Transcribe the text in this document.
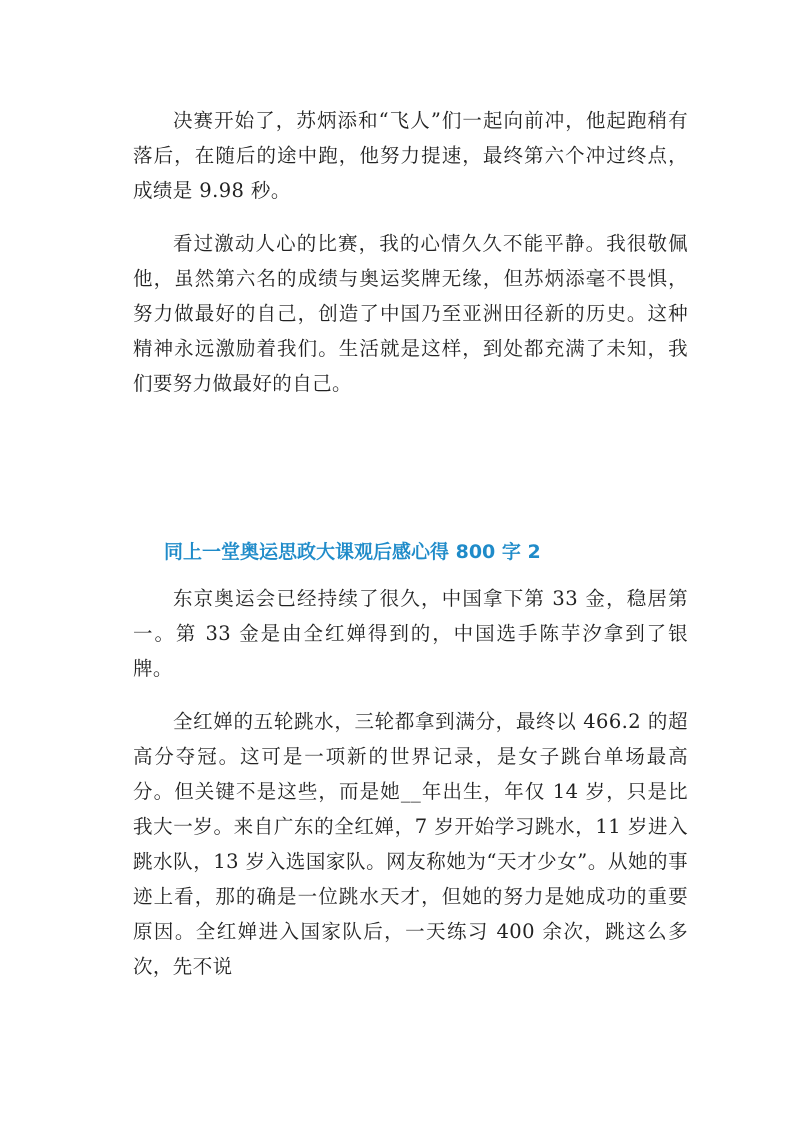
决赛开始了，苏炳添和“飞人”们一起向前冲，他起跑稍有落后，在随后的途中跑，他努力提速，最终第六个冲过终点，成绩是 9.98 秒。

看过激动人心的比赛，我的心情久久不能平静。我很敬佩他，虽然第六名的成绩与奥运奖牌无缘，但苏炳添毫不畏惧，努力做最好的自己，创造了中国乃至亚洲田径新的历史。这种精神永远激励着我们。生活就是这样，到处都充满了未知，我们要努力做最好的自己。

同上一堂奥运思政大课观后感心得 800 字 2

东京奥运会已经持续了很久，中国拿下第 33 金，稳居第一。第 33 金是由全红婵得到的，中国选手陈芋汐拿到了银牌。

全红婵的五轮跳水，三轮都拿到满分，最终以 466.2 的超高分夺冠。这可是一项新的世界记录，是女子跳台单场最高分。但关键不是这些，而是她__年出生，年仅 14 岁，只是比我大一岁。来自广东的全红婵，7 岁开始学习跳水，11 岁进入跳水队，13 岁入选国家队。网友称她为“天才少女”。从她的事迹上看，那的确是一位跳水天才，但她的努力是她成功的重要原因。全红婵进入国家队后，一天练习 400 余次，跳这么多次，先不说
